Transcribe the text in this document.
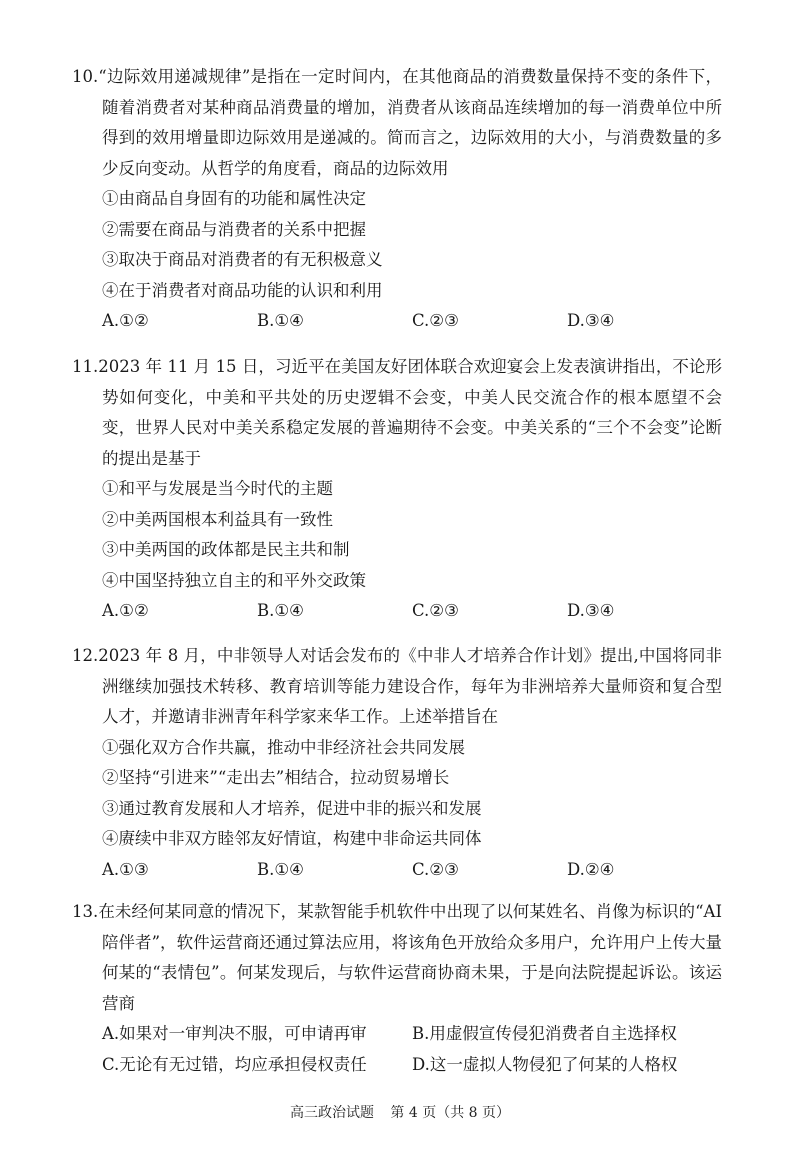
10.“边际效用递减规律”是指在一定时间内，在其他商品的消费数量保持不变的条件下，随着消费者对某种商品消费量的增加，消费者从该商品连续增加的每一消费单位中所得到的效用增量即边际效用是递减的。简而言之，边际效用的大小，与消费数量的多少反向变动。从哲学的角度看，商品的边际效用

①由商品自身固有的功能和属性决定
②需要在商品与消费者的关系中把握
③取决于商品对消费者的有无积极意义
④在于消费者对商品功能的认识和利用
A.①②	B.①④	C.②③	D.③④

11.2023 年 11 月 15 日，习近平在美国友好团体联合欢迎宴会上发表演讲指出，不论形势如何变化，中美和平共处的历史逻辑不会变，中美人民交流合作的根本愿望不会变，世界人民对中美关系稳定发展的普遍期待不会变。中美关系的“三个不会变”论断的提出是基于

①和平与发展是当今时代的主题
②中美两国根本利益具有一致性
③中美两国的政体都是民主共和制
④中国坚持独立自主的和平外交政策
A.①②	B.①④	C.②③	D.③④

12.2023 年 8 月，中非领导人对话会发布的《中非人才培养合作计划》提出,中国将同非洲继续加强技术转移、教育培训等能力建设合作，每年为非洲培养大量师资和复合型人才，并邀请非洲青年科学家来华工作。上述举措旨在

①强化双方合作共赢，推动中非经济社会共同发展
②坚持“引进来”“走出去”相结合，拉动贸易增长
③通过教育发展和人才培养，促进中非的振兴和发展
④赓续中非双方睦邻友好情谊，构建中非命运共同体
A.①③	B.①④	C.②③	D.②④

13.在未经何某同意的情况下，某款智能手机软件中出现了以何某姓名、肖像为标识的“AI陪伴者”，软件运营商还通过算法应用，将该角色开放给众多用户，允许用户上传大量何某的“表情包”。何某发现后，与软件运营商协商未果，于是向法院提起诉讼。该运营商

A.如果对一审判决不服，可申请再审	B.用虚假宣传侵犯消费者自主选择权
C.无论有无过错，均应承担侵权责任	D.这一虚拟人物侵犯了何某的人格权
高三政治试题 第 4 页（共 8 页）
